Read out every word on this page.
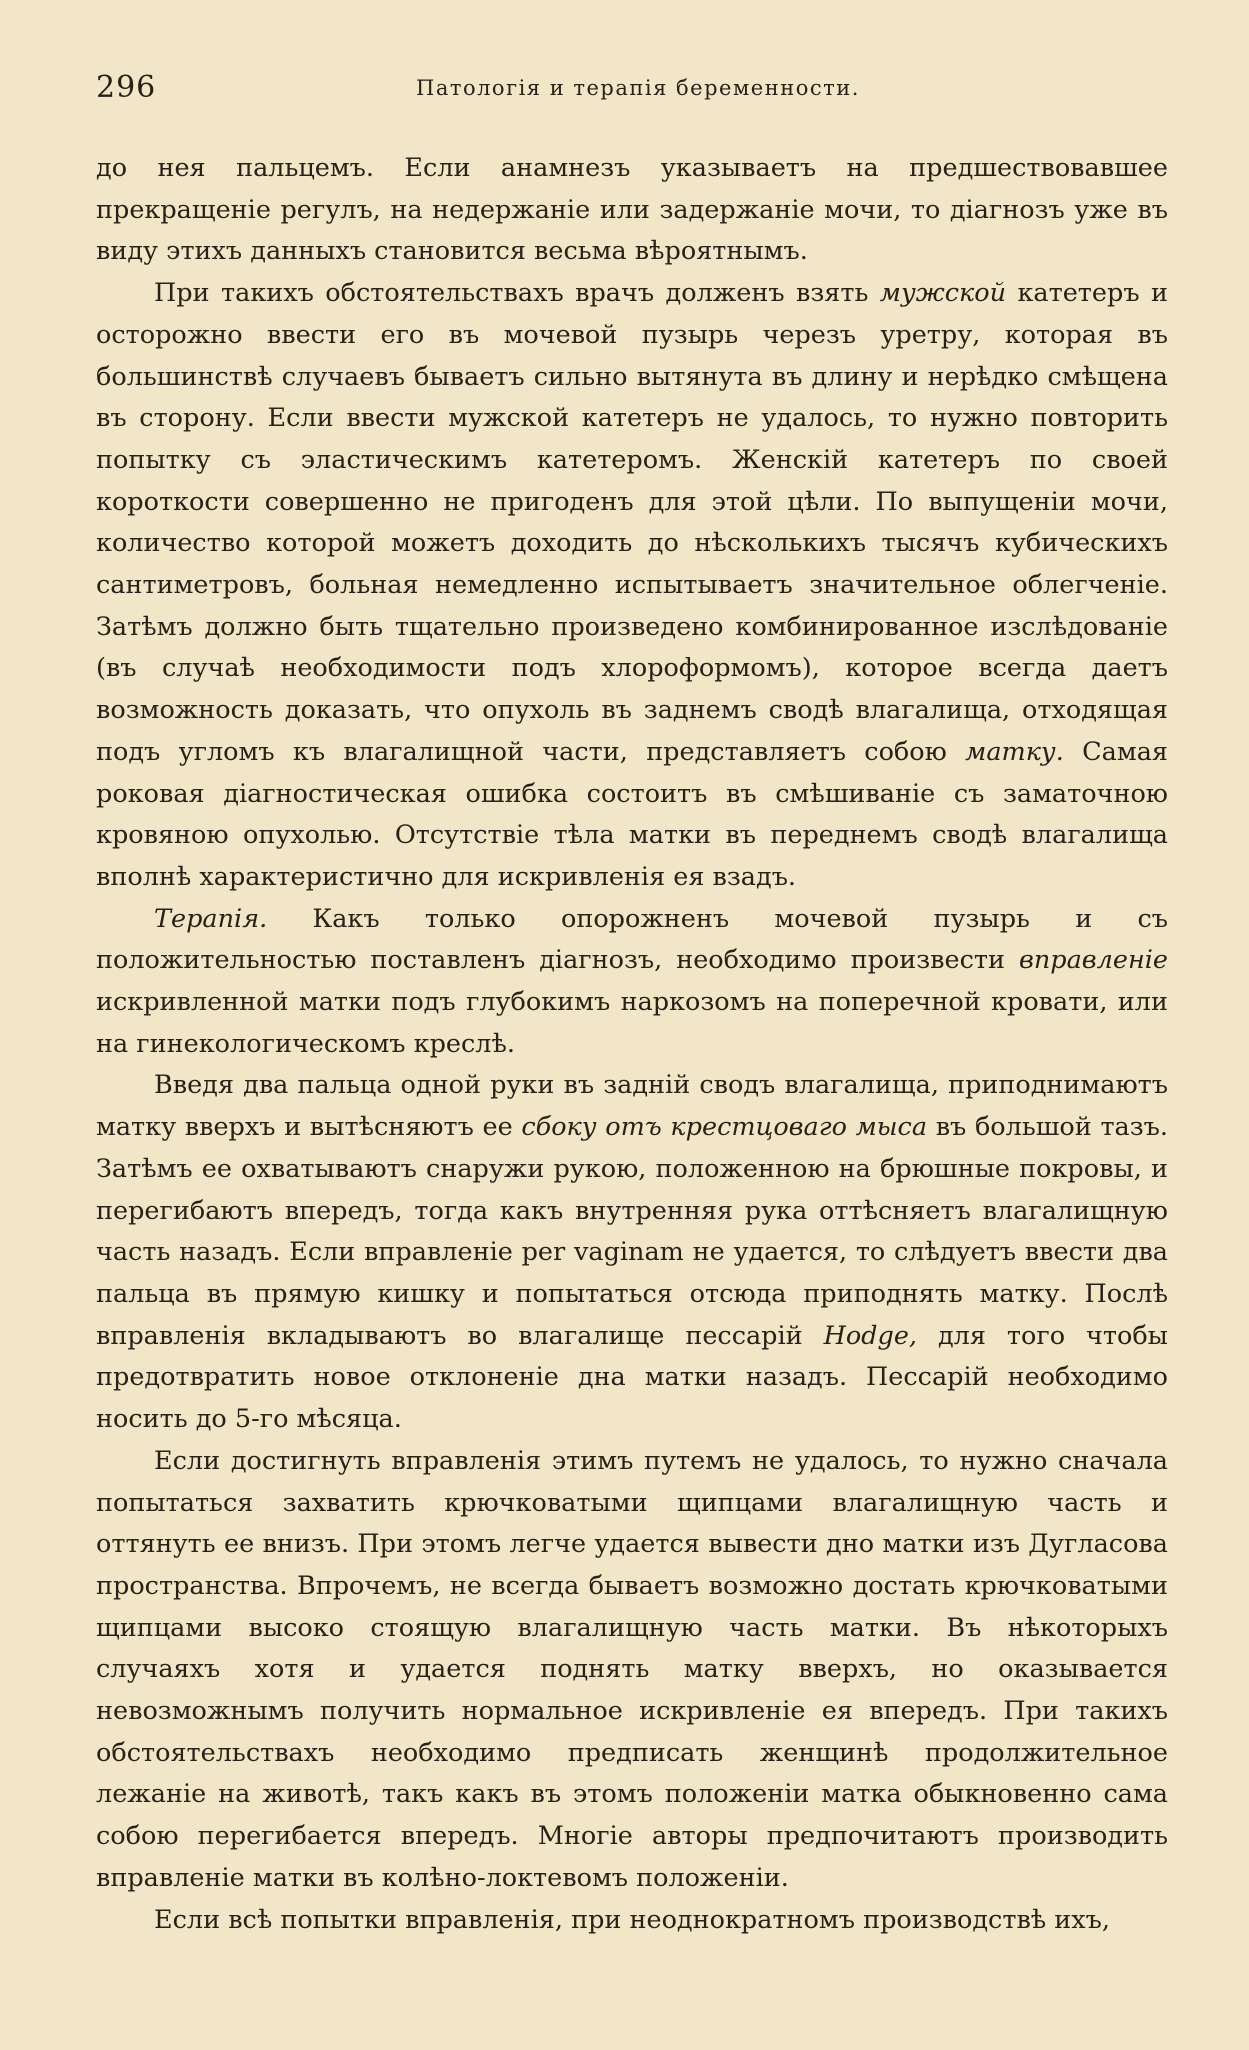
296	Патологія и терапія беременности.

до нея пальцемъ. Если анамнезъ указываетъ на предшествовавшее прекращеніе регулъ, на недержаніе или задержаніе мочи, то діагнозъ уже въ виду этихъ данныхъ становится весьма вѣроятнымъ.

При такихъ обстоятельствахъ врачъ долженъ взять мужской катетеръ и осторожно ввести его въ мочевой пузырь черезъ уретру, которая въ большинствѣ случаевъ бываетъ сильно вытянута въ длину и нерѣдко смѣщена въ сторону. Если ввести мужской катетеръ не удалось, то нужно повторить попытку съ эластическимъ катетеромъ. Женскій катетеръ по своей короткости совершенно не пригоденъ для этой цѣли. По выпущеніи мочи, количество которой можетъ доходить до нѣсколькихъ тысячъ кубическихъ сантиметровъ, больная немедленно испытываетъ значительное облегченіе. Затѣмъ должно быть тщательно произведено комбинированное изслѣдованіе (въ случаѣ необходимости подъ хлороформомъ), которое всегда даетъ возможность доказать, что опухоль въ заднемъ сводѣ влагалища, отходящая подъ угломъ къ влагалищной части, представляетъ собою матку. Самая роковая діагностическая ошибка состоитъ въ смѣшиваніе съ заматочною кровяною опухолью. Отсутствіе тѣла матки въ переднемъ сводѣ влагалища вполнѣ характеристично для искривленія ея взадъ.

Терапія. Какъ только опорожненъ мочевой пузырь и съ положительностью поставленъ діагнозъ, необходимо произвести вправленіе искривленной матки подъ глубокимъ наркозомъ на поперечной кровати, или на гинекологическомъ креслѣ.

Введя два пальца одной руки въ задній сводъ влагалища, приподнимаютъ матку вверхъ и вытѣсняютъ ее сбоку отъ крестцоваго мыса въ большой тазъ. Затѣмъ ее охватываютъ снаружи рукою, положенною на брюшные покровы, и перегибаютъ впередъ, тогда какъ внутренняя рука оттѣсняетъ влагалищную часть назадъ. Если вправленіе per vaginam не удается, то слѣдуетъ ввести два пальца въ прямую кишку и попытаться отсюда приподнять матку. Послѣ вправленія вкладываютъ во влагалище пессарій Hodge, для того чтобы предотвратить новое отклоненіе дна матки назадъ. Пессарій необходимо носить до 5-го мѣсяца.

Если достигнуть вправленія этимъ путемъ не удалось, то нужно сначала попытаться захватить крючковатыми щипцами влагалищную часть и оттянуть ее внизъ. При этомъ легче удается вывести дно матки изъ Дугласова пространства. Впрочемъ, не всегда бываетъ возможно достать крючковатыми щипцами высоко стоящую влагалищную часть матки. Въ нѣкоторыхъ случаяхъ хотя и удается поднять матку вверхъ, но оказывается невозможнымъ получить нормальное искривленіе ея впередъ. При такихъ обстоятельствахъ необходимо предписать женщинѣ продолжительное лежаніе на животѣ, такъ какъ въ этомъ положеніи матка обыкновенно сама собою перегибается впередъ. Многіе авторы предпочитаютъ производить вправленіе матки въ колѣно-локтевомъ положеніи.

Если всѣ попытки вправленія, при неоднократномъ производствѣ ихъ,
